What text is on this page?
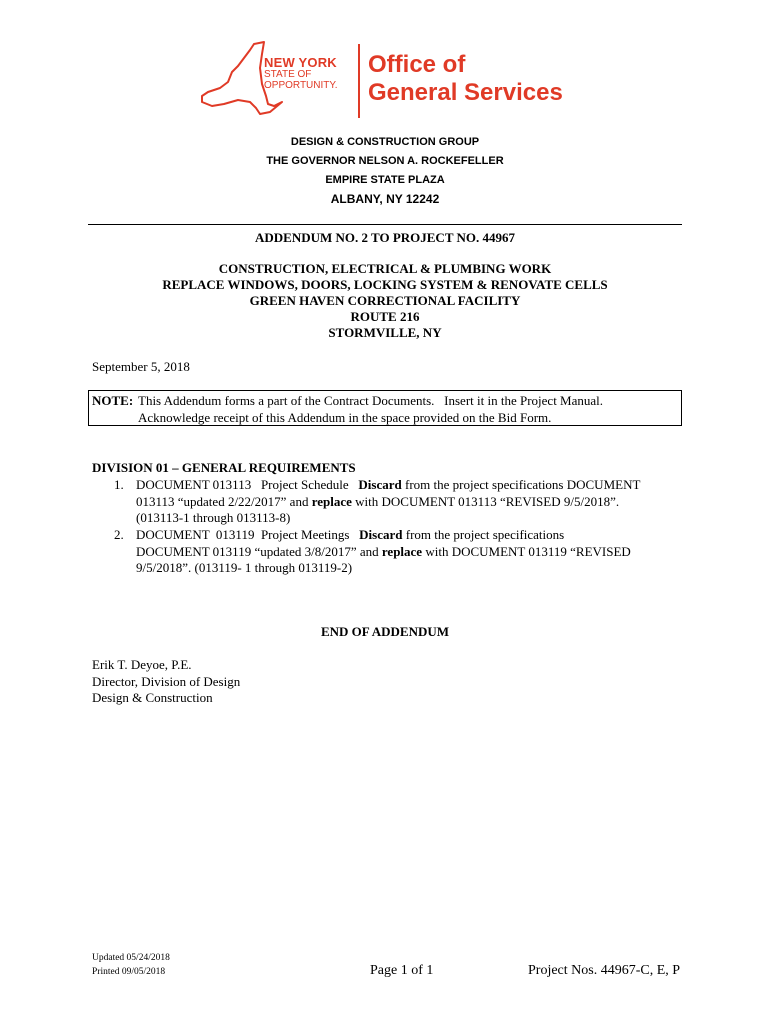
NEW YORK
STATE OF
OPPORTUNITY.
Office of
General Services
DESIGN & CONSTRUCTION GROUP
THE GOVERNOR NELSON A. ROCKEFELLER
EMPIRE STATE PLAZA
ALBANY, NY 12242
ADDENDUM NO. 2 TO PROJECT NO. 44967
CONSTRUCTION, ELECTRICAL & PLUMBING WORK
REPLACE WINDOWS, DOORS, LOCKING SYSTEM & RENOVATE CELLS
GREEN HAVEN CORRECTIONAL FACILITY
ROUTE 216
STORMVILLE, NY
September 5, 2018
NOTE: This Addendum forms a part of the Contract Documents.   Insert it in the Project Manual.
Acknowledge receipt of this Addendum in the space provided on the Bid Form.
DIVISION 01 – GENERAL REQUIREMENTS
1. DOCUMENT 013113   Project Schedule   Discard from the project specifications DOCUMENT
013113 “updated 2/22/2017” and replace with DOCUMENT 013113 “REVISED 9/5/2018”.
(013113-1 through 013113-8)
2. DOCUMENT  013119  Project Meetings   Discard from the project specifications
DOCUMENT 013119 “updated 3/8/2017” and replace with DOCUMENT 013119 “REVISED
9/5/2018”. (013119- 1 through 013119-2)
END OF ADDENDUM
Erik T. Deyoe, P.E.
Director, Division of Design
Design & Construction
Updated 05/24/2018
Printed 09/05/2018	Page 1 of 1	Project Nos. 44967-C, E, P
